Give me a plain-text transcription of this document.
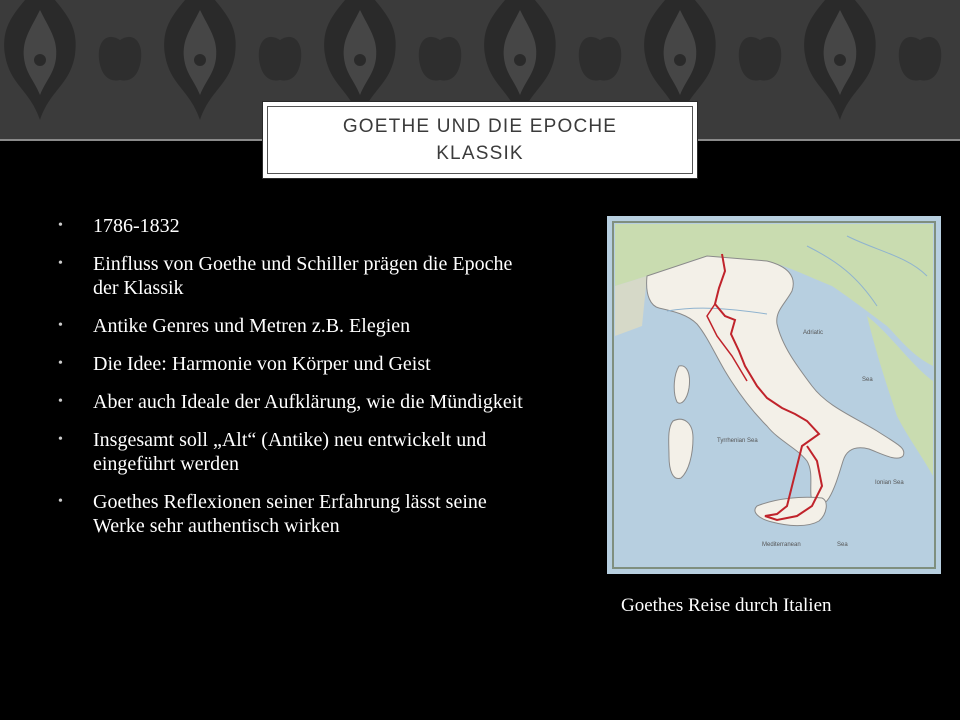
GOETHE UND DIE EPOCHE KLASSIK
• 1786-1832
• Einfluss von Goethe und Schiller prägen die Epoche der Klassik
• Antike Genres und Metren z.B. Elegien
• Die Idee: Harmonie von Körper und Geist
• Aber auch Ideale der Aufklärung, wie die Mündigkeit
• Insgesamt soll „Alt“ (Antike) neu entwickelt und eingeführt werden
• Goethes Reflexionen seiner Erfahrung lässt seine Werke sehr authentisch wirken
Adriatic
Sea
Tyrrhenian Sea
Ionian Sea
Mediterranean	Sea
Goethes Reise durch Italien
